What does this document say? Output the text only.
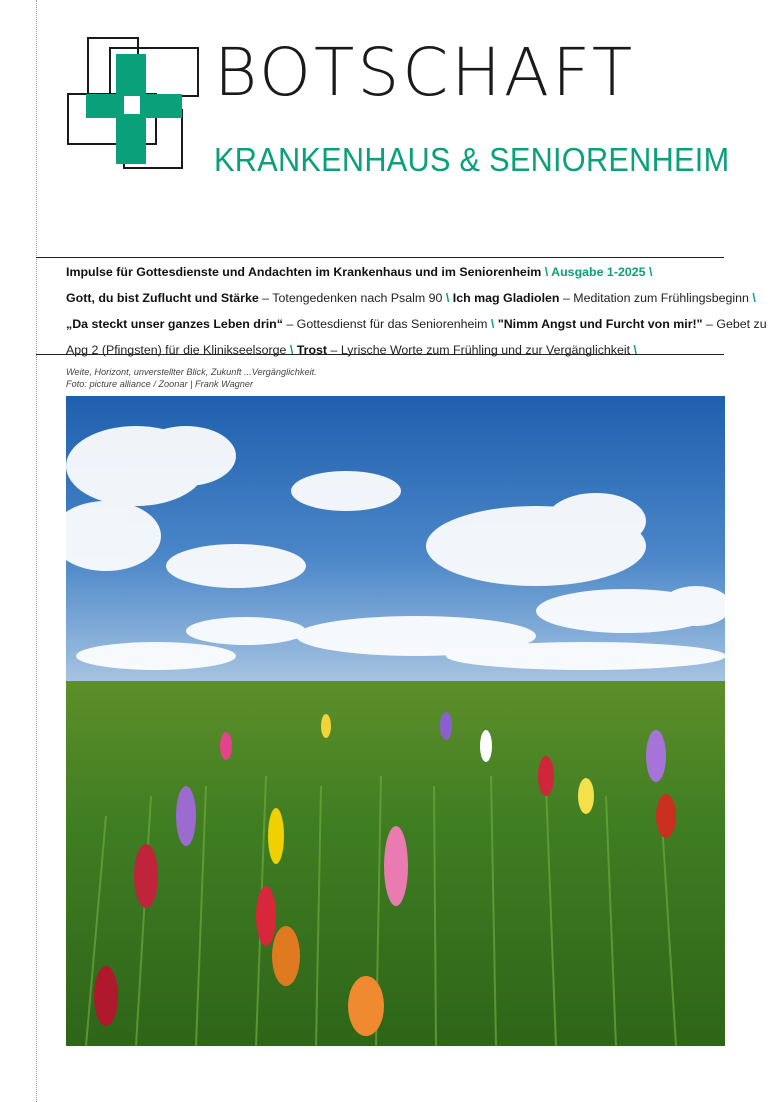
BOTSCHAFT
KRANKENHAUS & SENIORENHEIM
Impulse für Gottesdienste und Andachten im Krankenhaus und im Seniorenheim \ Ausgabe 1-2025 \
Gott, du bist Zuflucht und Stärke – Totengedenken nach Psalm 90 \ Ich mag Gladiolen – Meditation zum Frühlingsbeginn \
„Da steckt unser ganzes Leben drin“ – Gottesdienst für das Seniorenheim \ "Nimm Angst und Furcht von mir!" – Gebet zu
Apg 2 (Pfingsten) für die Klinikseelsorge \ Trost – Lyrische Worte zum Frühling und zur Vergänglichkeit \
Weite, Horizont, unverstellter Blick, Zukunft ...Vergänglichkeit.
Foto: picture alliance / Zoonar | Frank Wagner
